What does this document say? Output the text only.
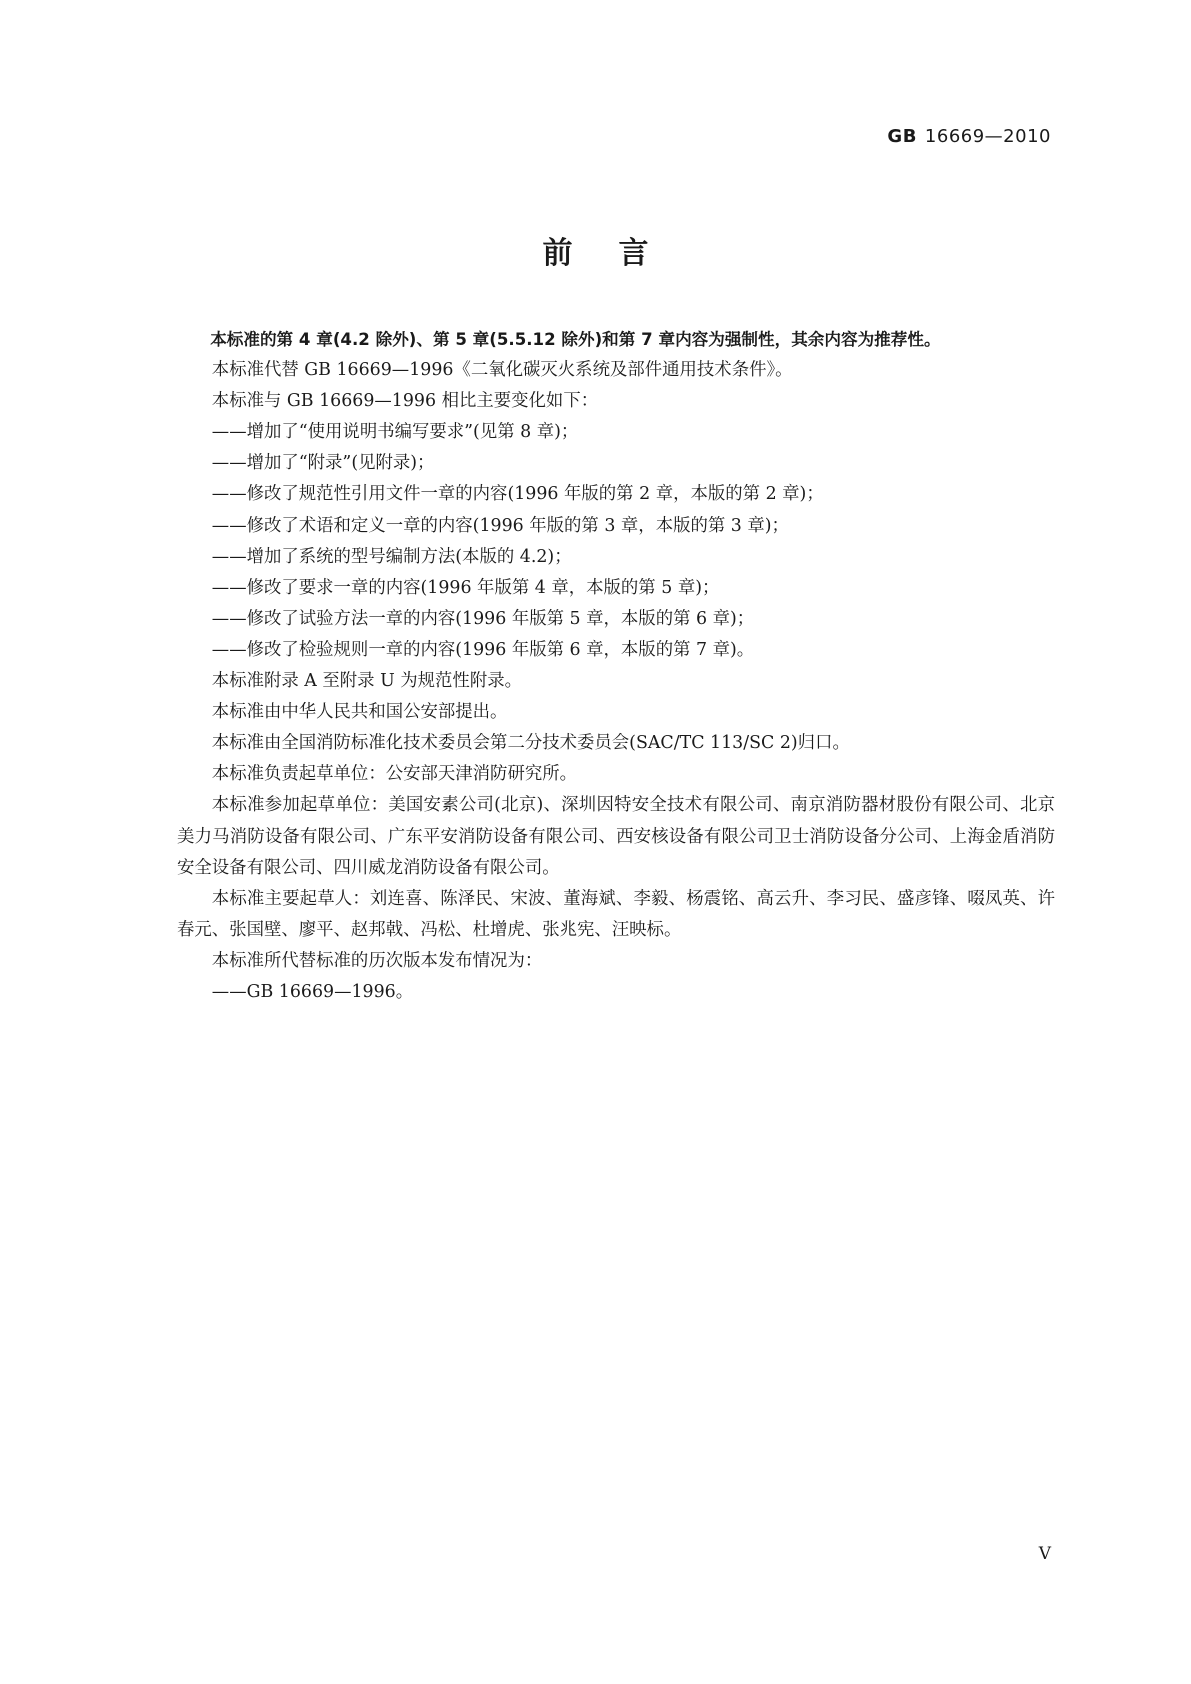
GB 16669—2010
前言

本标准的第 4 章(4.2 除外)、第 5 章(5.5.12 除外)和第 7 章内容为强制性，其余内容为推荐性。

本标准代替 GB 16669—1996《二氧化碳灭火系统及部件通用技术条件》。

本标准与 GB 16669—1996 相比主要变化如下：

——增加了“使用说明书编写要求”(见第 8 章)；

——增加了“附录”(见附录)；

——修改了规范性引用文件一章的内容(1996 年版的第 2 章，本版的第 2 章)；

——修改了术语和定义一章的内容(1996 年版的第 3 章，本版的第 3 章)；

——增加了系统的型号编制方法(本版的 4.2)；

——修改了要求一章的内容(1996 年版第 4 章，本版的第 5 章)；

——修改了试验方法一章的内容(1996 年版第 5 章，本版的第 6 章)；

——修改了检验规则一章的内容(1996 年版第 6 章，本版的第 7 章)。

本标准附录 A 至附录 U 为规范性附录。

本标准由中华人民共和国公安部提出。

本标准由全国消防标准化技术委员会第二分技术委员会(SAC/TC 113/SC 2)归口。

本标准负责起草单位：公安部天津消防研究所。

本标准参加起草单位：美国安素公司(北京)、深圳因特安全技术有限公司、南京消防器材股份有限公司、北京美力马消防设备有限公司、广东平安消防设备有限公司、西安核设备有限公司卫士消防设备分公司、上海金盾消防安全设备有限公司、四川威龙消防设备有限公司。

本标准主要起草人：刘连喜、陈泽民、宋波、董海斌、李毅、杨震铭、高云升、李习民、盛彦锋、啜凤英、许春元、张国壁、廖平、赵邦戟、冯松、杜增虎、张兆宪、汪映标。

本标准所代替标准的历次版本发布情况为：

——GB 16669—1996。

V
